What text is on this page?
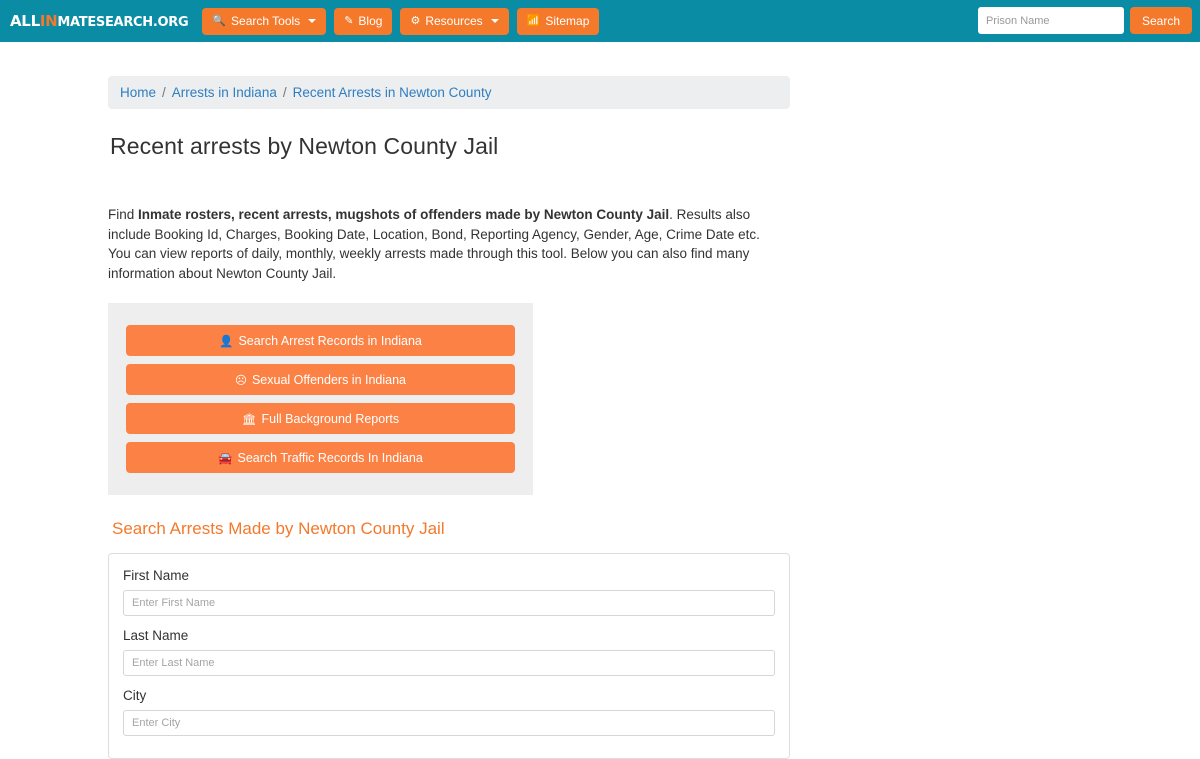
ALLINMATESEARCH.ORG 🔍 Search Tools	✎ Blog	⚙ Resources	📶 Sitemap
Prison Name	Search
Home / Arrests in Indiana / Recent Arrests in Newton County
Recent arrests by Newton County Jail

Find Inmate rosters, recent arrests, mugshots of offenders made by Newton County Jail. Results also include Booking Id, Charges, Booking Date, Location, Bond, Reporting Agency, Gender, Age, Crime Date etc. You can view reports of daily, monthly, weekly arrests made through this tool. Below you can also find many information about Newton County Jail.

👤 Search Arrest Records in Indiana
☹ Sexual Offenders in Indiana
🏛 Full Background Reports
🚘 Search Traffic Records In Indiana
Search Arrests Made by Newton County Jail
First Name
Enter First Name
Last Name
Enter Last Name
City
Enter City
